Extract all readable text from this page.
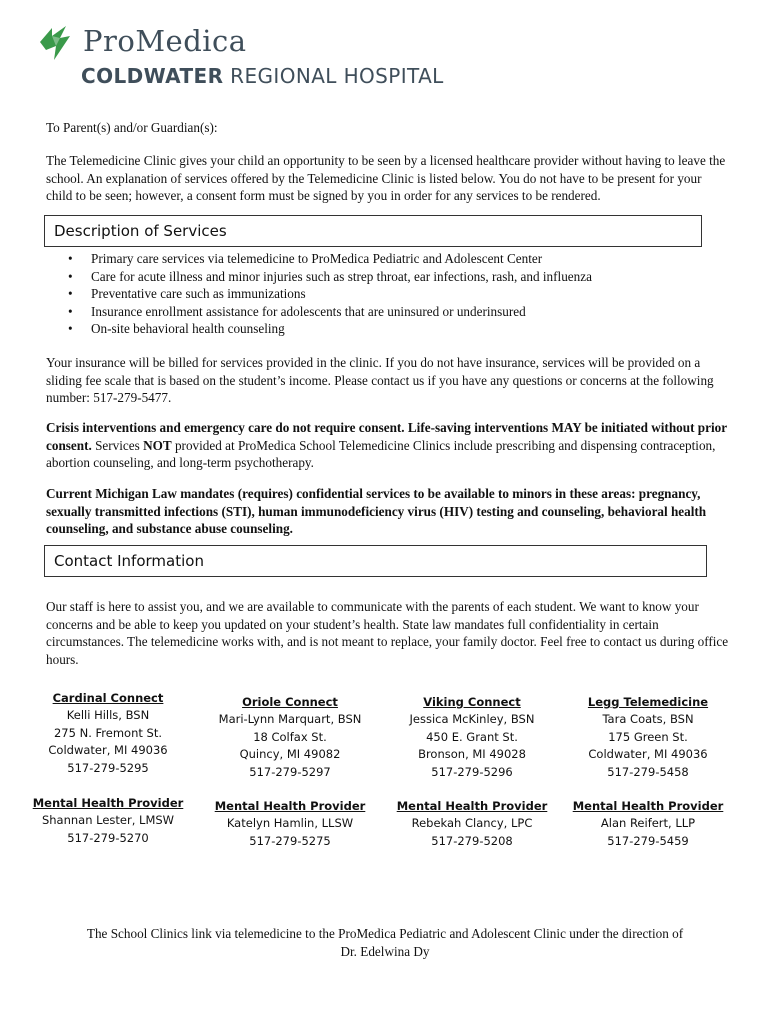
ProMedica
COLDWATER REGIONAL HOSPITAL

To Parent(s) and/or Guardian(s):

The Telemedicine Clinic gives your child an opportunity to be seen by a licensed healthcare provider without having to leave the school. An explanation of services offered by the Telemedicine Clinic is listed below. You do not have to be present for your child to be seen; however, a consent form must be signed by you in order for any services to be rendered.

Description of Services
• Primary care services via telemedicine to ProMedica Pediatric and Adolescent Center
• Care for acute illness and minor injuries such as strep throat, ear infections, rash, and influenza
• Preventative care such as immunizations
• Insurance enrollment assistance for adolescents that are uninsured or underinsured
• On-site behavioral health counseling

Your insurance will be billed for services provided in the clinic. If you do not have insurance, services will be provided on a sliding fee scale that is based on the student’s income. Please contact us if you have any questions or concerns at the following number: 517-279-5477.

Crisis interventions and emergency care do not require consent. Life-saving interventions MAY be initiated without prior consent. Services NOT provided at ProMedica School Telemedicine Clinics include prescribing and dispensing contraception, abortion counseling, and long-term psychotherapy.

Current Michigan Law mandates (requires) confidential services to be available to minors in these areas: pregnancy, sexually transmitted infections (STI), human immunodeficiency virus (HIV) testing and counseling, behavioral health counseling, and substance abuse counseling.

Contact Information

Our staff is here to assist you, and we are available to communicate with the parents of each student. We want to know your concerns and be able to keep you updated on your student’s health. State law mandates full confidentiality in certain circumstances. The telemedicine works with, and is not meant to replace, your family doctor. Feel free to contact us during office hours.

Cardinal Connect
Kelli Hills, BSN
275 N. Fremont St.
Coldwater, MI 49036
517-279-5295
Oriole Connect
Mari-Lynn Marquart, BSN
18 Colfax St.
Quincy, MI 49082
517-279-5297
Viking Connect
Jessica McKinley, BSN
450 E. Grant St.
Bronson, MI 49028
517-279-5296
Legg Telemedicine
Tara Coats, BSN
175 Green St.
Coldwater, MI 49036
517-279-5458
Mental Health Provider
Shannan Lester, LMSW
517-279-5270
Mental Health Provider
Katelyn Hamlin, LLSW
517-279-5275
Mental Health Provider
Rebekah Clancy, LPC
517-279-5208
Mental Health Provider
Alan Reifert, LLP
517-279-5459
The School Clinics link via telemedicine to the ProMedica Pediatric and Adolescent Clinic under the direction of
Dr. Edelwina Dy
